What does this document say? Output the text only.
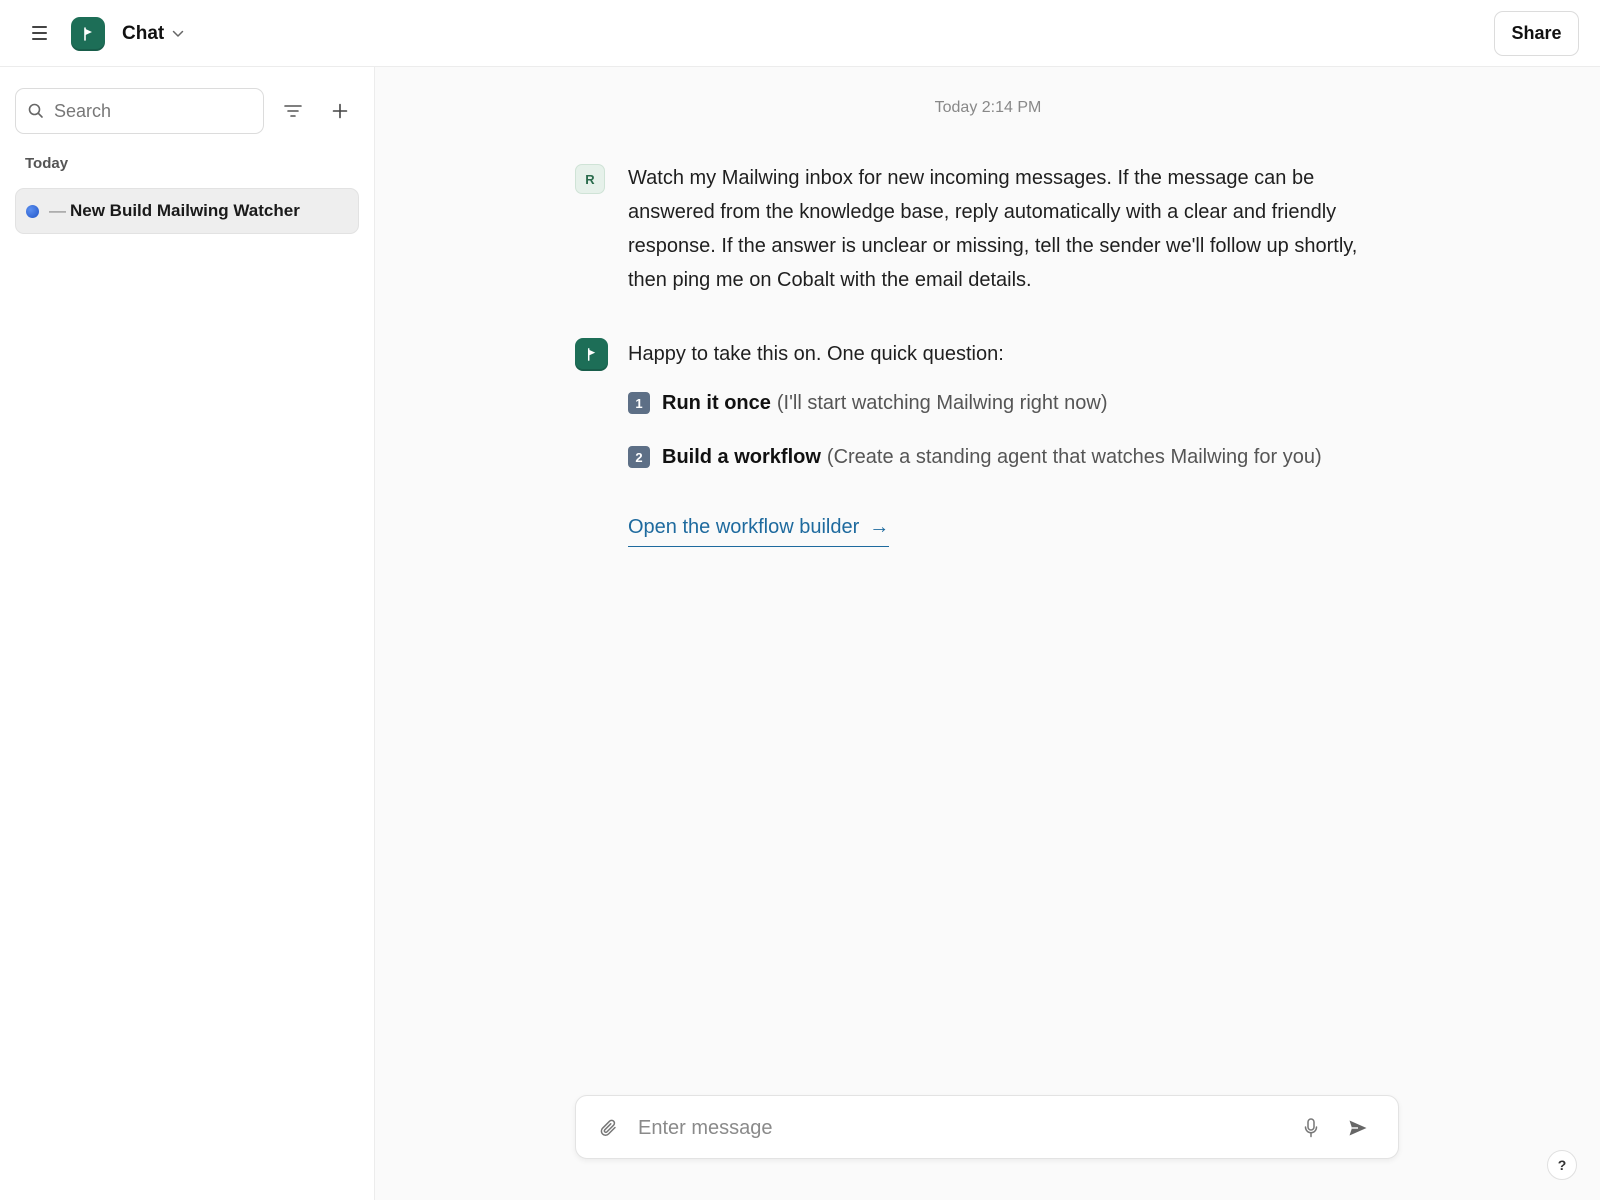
Chat	Share
Search
Today
— New Build Mailwing Watcher
Today 2:14 PM
R	Watch my Mailwing inbox for new incoming messages. If the message can be answered from the knowledge base, reply automatically with a clear and friendly response. If the answer is unclear or missing, tell the sender we'll follow up shortly, then ping me on Cobalt with the email details.
Happy to take this on. One quick question:
1 Run it once (I'll start watching Mailwing right now)
2 Build a workflow (Create a standing agent that watches Mailwing for you)
Open the workflow builder →
Enter message
?
